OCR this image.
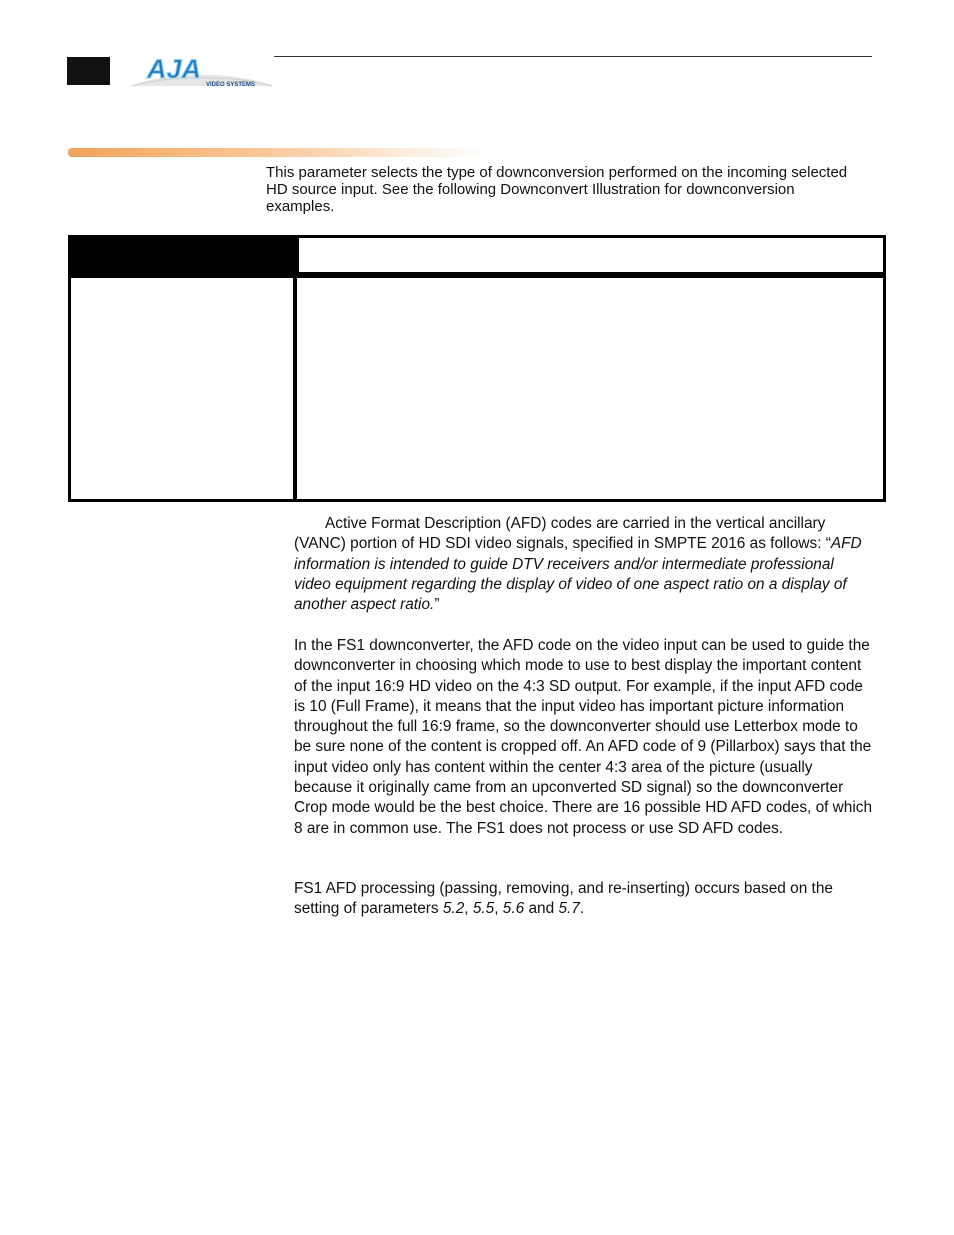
AJA
VIDEO SYSTEMS

This parameter selects the type of downconversion performed on the incoming selected HD source input. See the following Downconvert Illustration for downconversion examples.

Active Format Description (AFD) codes are carried in the vertical ancillary (VANC) portion of HD SDI video signals, specified in SMPTE 2016 as follows: “AFD information is intended to guide DTV receivers and/or intermediate professional video equipment regarding the display of video of one aspect ratio on a display of another aspect ratio.”

In the FS1 downconverter, the AFD code on the video input can be used to guide the downconverter in choosing which mode to use to best display the important content of the input 16:9 HD video on the 4:3 SD output. For example, if the input AFD code is 10 (Full Frame), it means that the input video has important picture information throughout the full 16:9 frame, so the downconverter should use Letterbox mode to be sure none of the content is cropped off. An AFD code of 9 (Pillarbox) says that the input video only has content within the center 4:3 area of the picture (usually because it originally came from an upconverted SD signal) so the downconverter Crop mode would be the best choice. There are 16 possible HD AFD codes, of which 8 are in common use. The FS1 does not process or use SD AFD codes.

FS1 AFD processing (passing, removing, and re-inserting) occurs based on the setting of parameters 5.2, 5.5, 5.6 and 5.7.
